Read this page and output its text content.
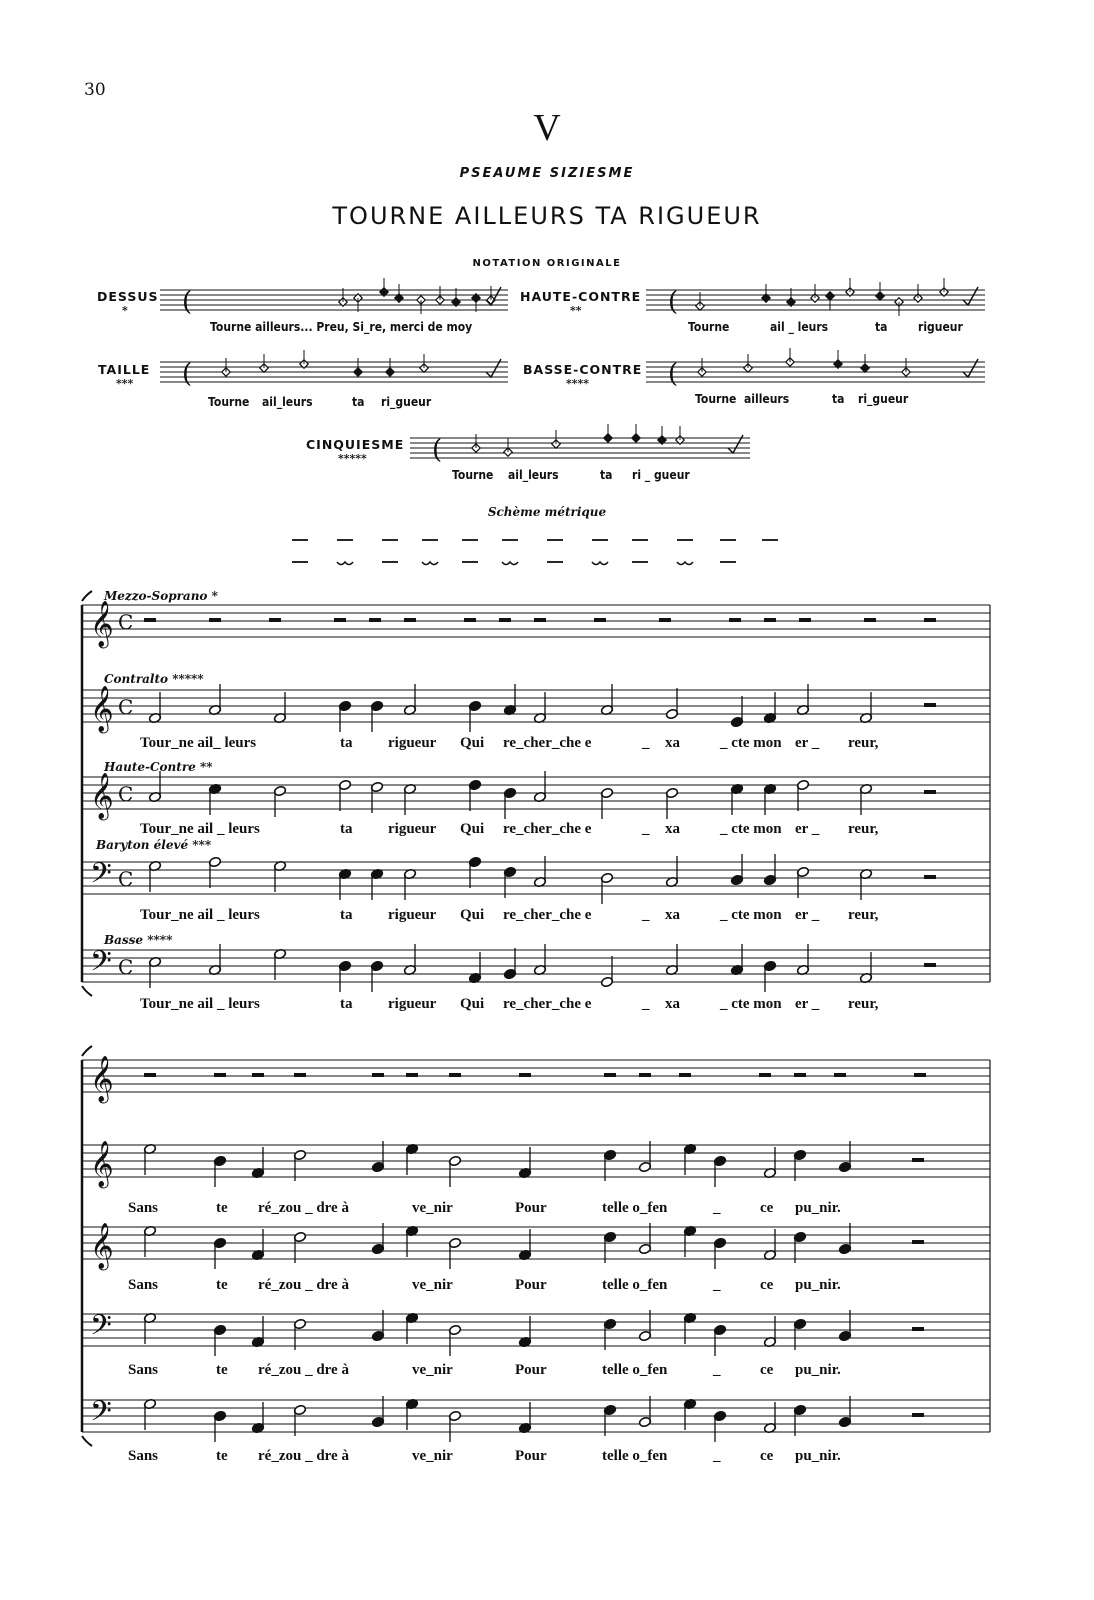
30
V
PSEAUME SIZIESME
TOURNE AILLEURS TA RIGUEUR
NOTATION ORIGINALE
DESSUS
*
Tourne ailleurs... Preu, Si_re, merci de moy
HAUTE-CONTRE
**
Tourne	ail _ leurs	ta	rigueur
TAILLE
***
Tourne ail_leurs	ta ri_gueur
BASSE-CONTRE
****
Tourne ailleurs	ta ri_gueur
CINQUIESME
*****
Tourne ail_leurs	ta ri _ gueur
Schème métrique
Mezzo-Soprano *
Contralto *****
Haute-Contre **
Baryton élevé ***
Basse ****
(	(
(	(
(
𝄞
𝄞
𝄞
𝄢
𝄢
C
C
C
C
C
𝄞
𝄞
𝄞
𝄢
𝄢
Tour_ne ail_ leurs	ta rigueur Qui re_cher_che e	_ xa	_ cte mon er _ reur,
Tour_ne ail _ leurs	ta rigueur Qui re_cher_che e	_ xa	_ cte mon er _ reur,
Tour_ne ail _ leurs	ta rigueur Qui re_cher_che e	_ xa	_ cte mon er _ reur,
Tour_ne ail _ leurs	ta rigueur Qui re_cher_che e	_ xa	_ cte mon er _ reur,
Sans	te ré_zou _ dre à	ve_nir	Pour	telle o_fen	_	ce pu_nir.
Sans	te ré_zou _ dre à	ve_nir	Pour	telle o_fen	_	ce pu_nir.
Sans	te ré_zou _ dre à	ve_nir	Pour	telle o_fen	_	ce pu_nir.
Sans	te ré_zou _ dre à	ve_nir	Pour	telle o_fen	_	ce pu_nir.
